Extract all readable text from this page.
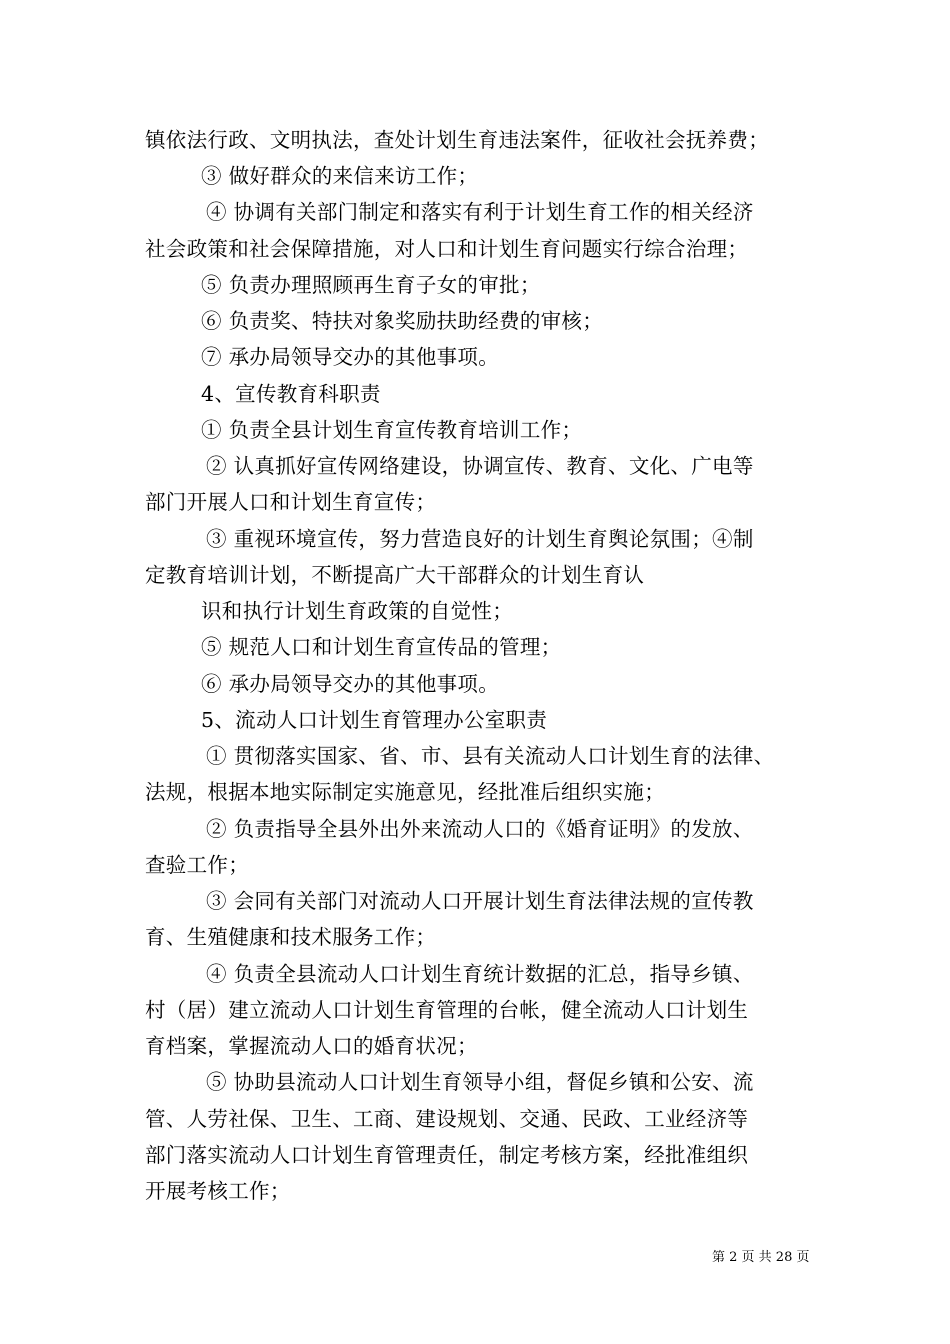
镇依法行政、文明执法，查处计划生育违法案件，征收社会抚养费；
③ 做好群众的来信来访工作；
④ 协调有关部门制定和落实有利于计划生育工作的相关经济
社会政策和社会保障措施，对人口和计划生育问题实行综合治理；
⑤ 负责办理照顾再生育子女的审批；
⑥ 负责奖、特扶对象奖励扶助经费的审核；
⑦ 承办局领导交办的其他事项。
4、宣传教育科职责
① 负责全县计划生育宣传教育培训工作；
② 认真抓好宣传网络建设，协调宣传、教育、文化、广电等
部门开展人口和计划生育宣传；
③ 重视环境宣传，努力营造良好的计划生育舆论氛围；④制
定教育培训计划，不断提高广大干部群众的计划生育认
识和执行计划生育政策的自觉性；
⑤ 规范人口和计划生育宣传品的管理；
⑥ 承办局领导交办的其他事项。
5、流动人口计划生育管理办公室职责
① 贯彻落实国家、省、市、县有关流动人口计划生育的法律、
法规，根据本地实际制定实施意见，经批准后组织实施；
② 负责指导全县外出外来流动人口的《婚育证明》的发放、
查验工作；
③ 会同有关部门对流动人口开展计划生育法律法规的宣传教
育、生殖健康和技术服务工作；
④ 负责全县流动人口计划生育统计数据的汇总，指导乡镇、
村（居）建立流动人口计划生育管理的台帐，健全流动人口计划生
育档案，掌握流动人口的婚育状况；
⑤ 协助县流动人口计划生育领导小组，督促乡镇和公安、流
管、人劳社保、卫生、工商、建设规划、交通、民政、工业经济等
部门落实流动人口计划生育管理责任，制定考核方案，经批准组织
开展考核工作；
第 2 页 共 28 页
